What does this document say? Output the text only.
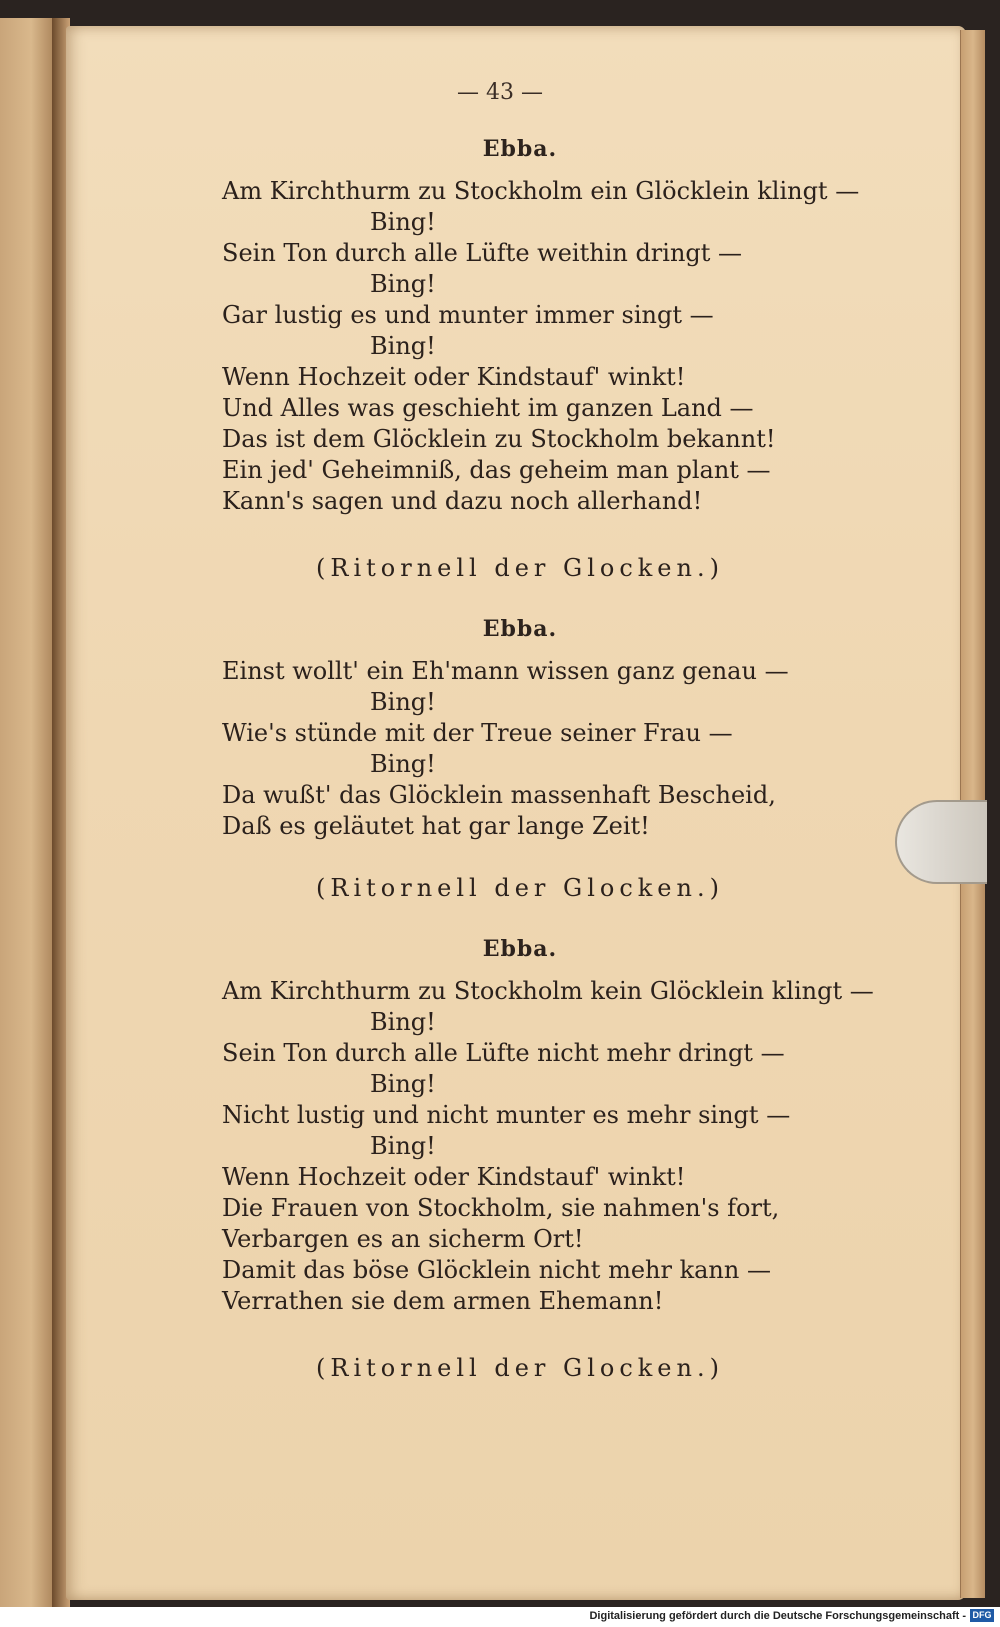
— 43 —
Ebba.
Am Kirchthurm zu Stockholm ein Glöcklein klingt —
Bing!
Sein Ton durch alle Lüfte weithin dringt —
Bing!
Gar lustig es und munter immer singt —
Bing!
Wenn Hochzeit oder Kindstauf' winkt!
Und Alles was geschieht im ganzen Land —
Das ist dem Glöcklein zu Stockholm bekannt!
Ein jed' Geheimniß, das geheim man plant —
Kann's sagen und dazu noch allerhand!
(Ritornell der Glocken.)
Ebba.
Einst wollt' ein Eh'mann wissen ganz genau —
Bing!
Wie's stünde mit der Treue seiner Frau —
Bing!
Da wußt' das Glöcklein massenhaft Bescheid,
Daß es geläutet hat gar lange Zeit!
(Ritornell der Glocken.)
Ebba.
Am Kirchthurm zu Stockholm kein Glöcklein klingt —
Bing!
Sein Ton durch alle Lüfte nicht mehr dringt —
Bing!
Nicht lustig und nicht munter es mehr singt —
Bing!
Wenn Hochzeit oder Kindstauf' winkt!
Die Frauen von Stockholm, sie nahmen's fort,
Verbargen es an sicherm Ort!
Damit das böse Glöcklein nicht mehr kann —
Verrathen sie dem armen Ehemann!
(Ritornell der Glocken.)
Digitalisierung gefördert durch die Deutsche Forschungsgemeinschaft - DFG
